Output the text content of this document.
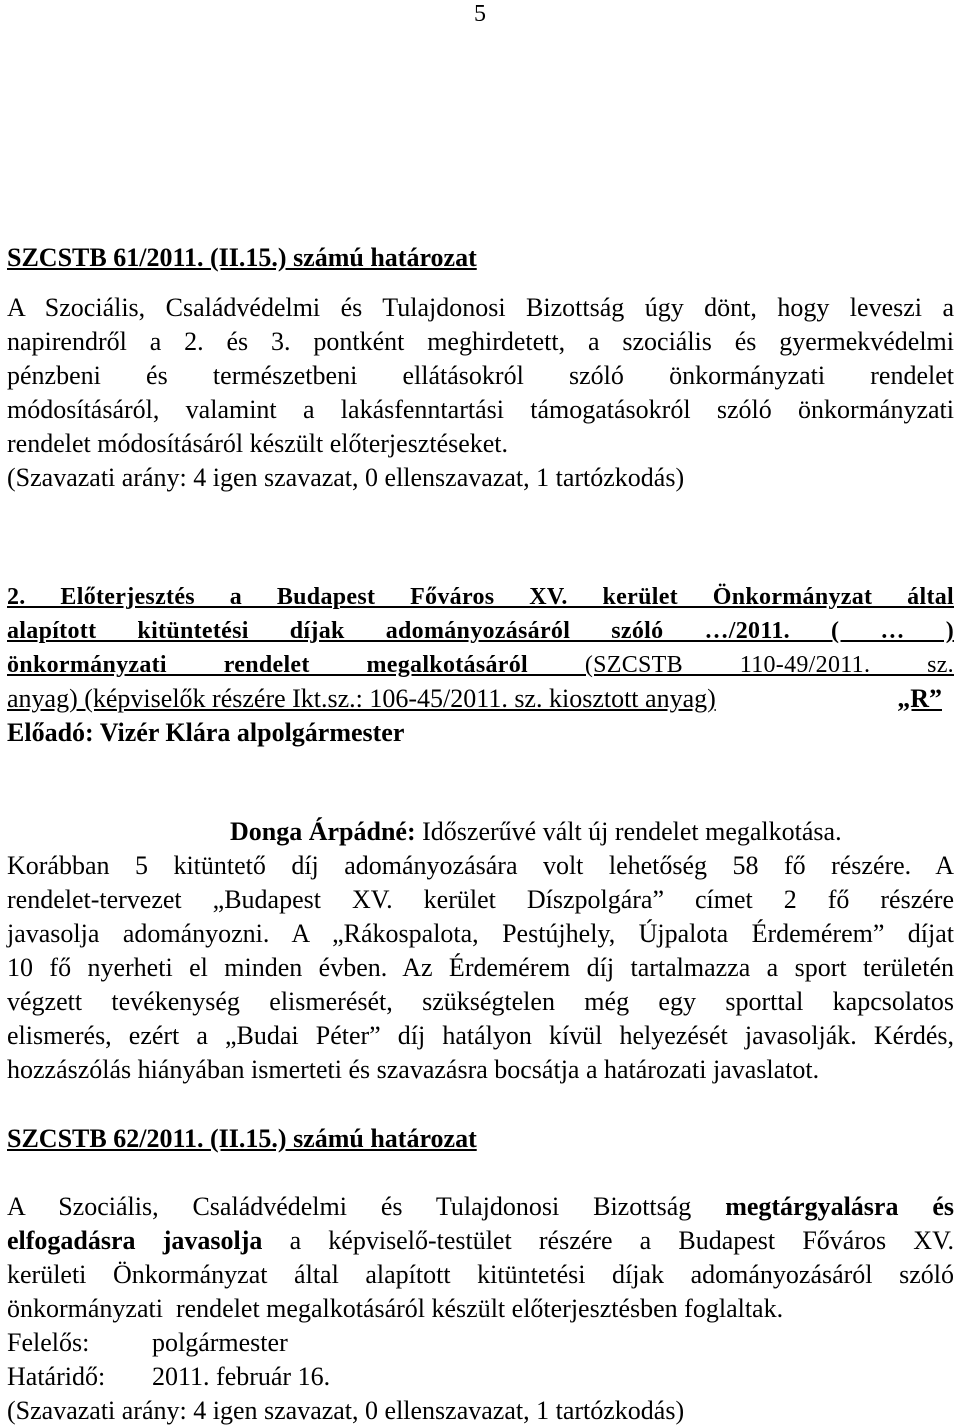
5
SZCSTB 61/2011. (II.15.) számú határozat
A Szociális, Családvédelmi és Tulajdonosi Bizottság úgy dönt, hogy leveszi a
napirendről a 2. és 3. pontként meghirdetett, a szociális és gyermekvédelmi
pénzbeni és természetbeni ellátásokról szóló önkormányzati rendelet
módosításáról, valamint a lakásfenntartási támogatásokról szóló önkormányzati
rendelet módosításáról készült előterjesztéseket.
(Szavazati arány: 4 igen szavazat, 0 ellenszavazat, 1 tartózkodás)
2. Előterjesztés a Budapest Főváros XV. kerület Önkormányzat által
alapított kitüntetési díjak adományozásáról szóló …/2011. ( … )
önkormányzati rendelet megalkotásáról (SZCSTB 110-49/2011. sz.
anyag) (képviselők részére Ikt.sz.: 106-45/2011. sz. kiosztott anyag)	„R”
Előadó: Vizér Klára alpolgármester
Donga Árpádné: Időszerűvé vált új rendelet megalkotása.
Korábban 5 kitüntető díj adományozására volt lehetőség 58 fő részére. A
rendelet-tervezet „Budapest XV. kerület Díszpolgára” címet 2 fő részére
javasolja adományozni. A „Rákospalota, Pestújhely, Újpalota Érdemérem” díjat
10 fő nyerheti el minden évben. Az Érdemérem díj tartalmazza a sport területén
végzett tevékenység elismerését, szükségtelen még egy sporttal kapcsolatos
elismerés, ezért a „Budai Péter” díj hatályon kívül helyezését javasolják. Kérdés,
hozzászólás hiányában ismerteti és szavazásra bocsátja a határozati javaslatot.
SZCSTB 62/2011. (II.15.) számú határozat
A Szociális, Családvédelmi és Tulajdonosi Bizottság megtárgyalásra és
elfogadásra javasolja a képviselő-testület részére a Budapest Főváros XV.
kerületi Önkormányzat által alapított kitüntetési díjak adományozásáról szóló
önkormányzati  rendelet megalkotásáról készült előterjesztésben foglaltak.
Felelős: polgármester
Határidő: 2011. február 16.
(Szavazati arány: 4 igen szavazat, 0 ellenszavazat, 1 tartózkodás)
